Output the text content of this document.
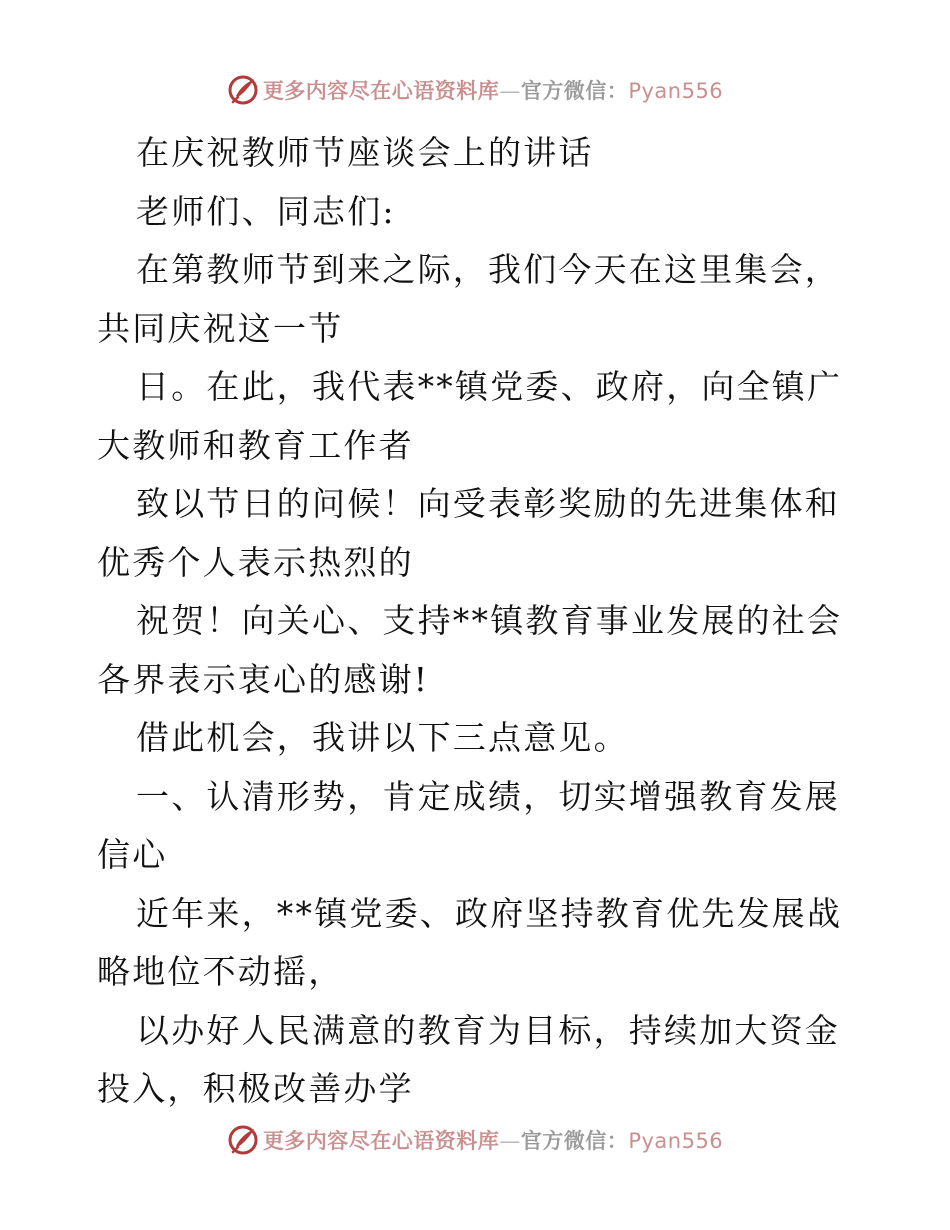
更多内容尽在心语资料库—官方微信：Pyan556

在庆祝教师节座谈会上的讲话

老师们、同志们:

在第教师节到来之际，我们今天在这里集会，共同庆祝这一节

日。在此，我代表**镇党委、政府，向全镇广大教师和教育工作者

致以节日的问候！向受表彰奖励的先进集体和优秀个人表示热烈的

祝贺！向关心、支持**镇教育事业发展的社会各界表示衷心的感谢!

借此机会，我讲以下三点意见。

一、认清形势，肯定成绩，切实增强教育发展信心

近年来，**镇党委、政府坚持教育优先发展战略地位不动摇，

以办好人民满意的教育为目标，持续加大资金投入，积极改善办学

更多内容尽在心语资料库—官方微信：Pyan556
